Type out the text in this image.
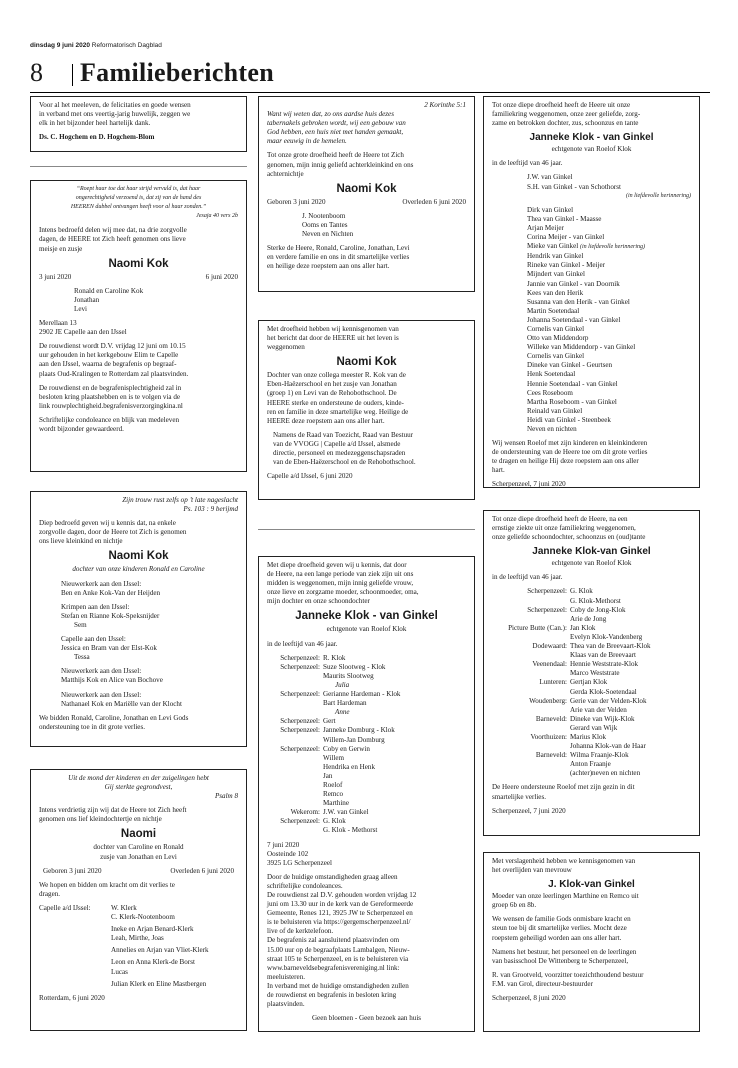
dinsdag 9 juni 2020 Reformatorisch Dagblad
8 Familieberichten

Voor al het meeleven, de felicitaties en goede wensen

in verband met ons veertig-jarig huwelijk, zeggen we

elk in het bijzonder heel hartelijk dank.

Ds. C. Hogchem en D. Hogchem-Blom

“Roept haar toe dat haar strijd vervuld is, dat haar

ongerechtigheid verzoend is, dat zij van de hand des

HEEREN dubbel ontvangen heeft voor al haar zonden.”

Jesaja 40 vers 2b

Intens bedroefd delen wij mee dat, na drie zorgvolle

dagen, de HEERE tot Zich heeft genomen ons lieve

meisje en zusje

Naomi Kok
3 juni 2020	6 juni 2020

Ronald en Caroline Kok

Jonathan

Levi

Merellaan 13

2902 JE Capelle aan den IJssel

De rouwdienst wordt D.V. vrijdag 12 juni om 10.15

uur gehouden in het kerkgebouw Elim te Capelle

aan den IJssel, waarna de begrafenis op begraaf-

plaats Oud-Kralingen te Rotterdam zal plaatsvinden.

De rouwdienst en de begrafenisplechtigheid zal in

besloten kring plaatshebben en is te volgen via de

link rouwplechtigheid.begrafenisverzorgingkina.nl

Schriftelijke condoleance en blijk van medeleven

wordt bijzonder gewaardeerd.

Zijn trouw rust zelfs op ’t late nageslacht

Ps. 103 : 9 berijmd

Diep bedroefd geven wij u kennis dat, na enkele

zorgvolle dagen, door de Heere tot Zich is genomen

ons lieve kleinkind en nichtje

Naomi Kok

dochter van onze kinderen Ronald en Caroline

Nieuwerkerk aan den IJssel:

Ben en Anke Kok-Van der Heijden

Krimpen aan den IJssel:

Stefan en Rianne Kok-Speksnijder

Sem

Capelle aan den IJssel:

Jessica en Bram van der Elst-Kok

Tessa

Nieuwerkerk aan den IJssel:

Matthijs Kok en Alice van Bochove

Nieuwerkerk aan den IJssel:

Nathanael Kok en Mariëlle van der Klocht

We bidden Ronald, Caroline, Jonathan en Levi Gods

ondersteuning toe in dit grote verlies.

Uit de mond der kinderen en der zuigelingen hebt

Gij sterkte gegrondvest,

Psalm 8

Intens verdrietig zijn wij dat de Heere tot Zich heeft

genomen ons lief kleindochtertje en nichtje

Naomi

dochter van Caroline en Ronald

zusje van Jonathan en Levi

Geboren 3 juni 2020	Overleden 6 juni 2020

We hopen en bidden om kracht om dit verlies te

dragen.

Capelle a/d IJssel:	W. Klerk

C. Klerk-Nootenboom

Ineke en Arjan Benard-Klerk

Leah, Mirthe, Joas

Annelies en Arjan van Vliet-Klerk

Leon en Anna Klerk-de Borst

Lucas

Julian Klerk en Eline Mastbergen

Rotterdam, 6 juni 2020

2 Korinthe 5:1

Want wij weten dat, zo ons aardse huis dezes

tabernakels gebroken wordt, wij een gebouw van

God hebben, een huis niet met handen gemaakt,

maar eeuwig in de hemelen.

Tot onze grote droefheid heeft de Heere tot Zich

genomen, mijn innig geliefd achterkleinkind en ons

achternichtje

Naomi Kok
Geboren 3 juni 2020	Overleden 6 juni 2020

J. Nootenboom

Ooms en Tantes

Neven en Nichten

Sterke de Heere, Ronald, Caroline, Jonathan, Levi

en verdere familie en ons in dit smartelijke verlies

en heilige deze roepstem aan ons aller hart.

Met droefheid hebben wij kennisgenomen van

het bericht dat door de HEERE uit het leven is

weggenomen

Naomi Kok

Dochter van onze collega meester R. Kok van de

Eben-Haëzerschool en het zusje van Jonathan

(groep 1) en Levi van de Rehobothschool. De

HEERE sterke en ondersteune de ouders, kinde-

ren en familie in deze smartelijke weg. Heilige de

HEERE deze roepstem aan ons aller hart.

Namens de Raad van Toezicht, Raad van Bestuur

van de VVOGG | Capelle a/d IJssel, alsmede

directie, personeel en medezeggenschapsraden

van de Eben-Haëzerschool en de Rehobothschool.

Capelle a/d IJssel, 6 juni 2020

Met diepe droefheid geven wij u kennis, dat door

de Heere, na een lange periode van ziek zijn uit ons

midden is weggenomen, mijn innig geliefde vrouw,

onze lieve en zorgzame moeder, schoonmoeder, oma,

mijn dochter en onze schoondochter

Janneke Klok - van Ginkel

echtgenote van Roelof Klok

in de leeftijd van 46 jaar.

Scherpenzeel: R. Klok
Scherpenzeel: Suze Slootweg - Klok
Maurits Slootweg
Julia
Scherpenzeel: Gerianne Hardeman - Klok
Bart Hardeman
Anne
Scherpenzeel: Gert
Scherpenzeel: Janneke Domburg - Klok
Willem-Jan Domburg
Scherpenzeel: Coby en Gerwin
Willem
Hendrika en Henk
Jan
Roelof
Remco
Marthine
Wekerom: J.W. van Ginkel
Scherpenzeel: G. Klok
G. Klok - Methorst

7 juni 2020

Oosteinde 102

3925 LG Scherpenzeel

Door de huidige omstandigheden graag alleen

schriftelijke condoleances.

De rouwdienst zal D.V. gehouden worden vrijdag 12

juni om 13.30 uur in de kerk van de Gereformeerde

Gemeente, Renes 121, 3925 JW te Scherpenzeel en

is te beluisteren via https://gergemscherpenzeel.nl/

live of de kerktelefoon.

De begrafenis zal aansluitend plaatsvinden om

15.00 uur op de begraafplaats Lambalgen, Nieuw-

straat 105 te Scherpenzeel, en is te beluisteren via

www.barneveldsebegrafenisvereniging.nl link:

meeluisteren.

In verband met de huidige omstandigheden zullen

de rouwdienst en begrafenis in besloten kring

plaatsvinden.

Geen bloemen - Geen bezoek aan huis

Tot onze diepe droefheid heeft de Heere uit onze

familiekring weggenomen, onze zeer geliefde, zorg-

zame en betrokken dochter, zus, schoonzus en tante

Janneke Klok - van Ginkel

echtgenote van Roelof Klok

in de leeftijd van 46 jaar.

J.W. van Ginkel

S.H. van Ginkel - van Schothorst

(in liefdevolle herinnering)

Dirk van Ginkel

Thea van Ginkel - Maasse

Arjan Meijer

Corina Meijer - van Ginkel

Mieke van Ginkel (in liefdevolle herinnering)

Hendrik van Ginkel

Rineke van Ginkel - Meijer

Mijndert van Ginkel

Jannie van Ginkel - van Doornik

Kees van den Herik

Susanna van den Herik - van Ginkel

Martin Soetendaal

Johanna Soetendaal - van Ginkel

Cornelis van Ginkel

Otto van Middendorp

Willeke van Middendorp - van Ginkel

Cornelis van Ginkel

Dineke van Ginkel - Geurtsen

Henk Soetendaal

Hennie Soetendaal - van Ginkel

Cees Roseboom

Martha Roseboom - van Ginkel

Reinald van Ginkel

Heidi van Ginkel - Steenbeek

Neven en nichten

Wij wensen Roelof met zijn kinderen en kleinkinderen

de ondersteuning van de Heere toe om dit grote verlies

te dragen en heilige Hij deze roepstem aan ons aller

hart.

Scherpenzeel, 7 juni 2020

Tot onze diepe droefheid heeft de Heere, na een

ernstige ziekte uit onze familiekring weggenomen,

onze geliefde schoondochter, schoonzus en (oud)tante

Janneke Klok-van Ginkel

echtgenote van Roelof Klok

in de leeftijd van 46 jaar.

Scherpenzeel: G. Klok
G. Klok-Methorst
Scherpenzeel: Coby de Jong-Klok
Arie de Jong
Picture Butte (Can.): Jan Klok
Evelyn Klok-Vandenberg
Dodewaard: Thea van de Breevaart-Klok
Klaas van de Breevaart
Veenendaal: Hennie Weststrate-Klok
Marco Weststrate
Lunteren: Gertjan Klok
Gerda Klok-Soetendaal
Woudenberg: Gerie van der Velden-Klok
Arie van der Velden
Barneveld: Dineke van Wijk-Klok
Gerard van Wijk
Voorthuizen: Marius Klok
Johanna Klok-van de Haar
Barneveld: Wilma Fraanje-Klok
Anton Fraanje
(achter)neven en nichten

De Heere ondersteune Roelof met zijn gezin in dit

smartelijke verlies.

Scherpenzeel, 7 juni 2020

Met verslagenheid hebben we kennisgenomen van

het overlijden van mevrouw

J. Klok-van Ginkel

Moeder van onze leerlingen Marthine en Remco uit

groep 6b en 8b.

We wensen de familie Gods onmisbare kracht en

steun toe bij dit smartelijke verlies. Mocht deze

roepstem geheiligd worden aan ons aller hart.

Namens het bestuur, het personeel en de leerlingen

van basisschool De Wittenberg te Scherpenzeel,

R. van Grootveld, voorzitter toezichthoudend bestuur

F.M. van Grol, directeur-bestuurder

Scherpenzeel, 8 juni 2020
